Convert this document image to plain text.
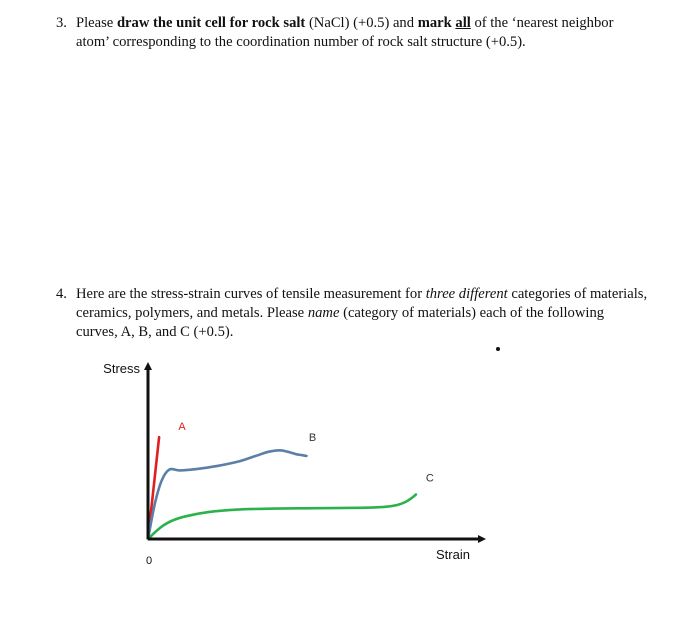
3. Please draw the unit cell for rock salt (NaCl) (+0.5) and mark all of the ‘nearest neighbor
atom’ corresponding to the coordination number of rock salt structure (+0.5).
4. Here are the stress-strain curves of tensile measurement for three different categories of materials,
ceramics, polymers, and metals. Please name (category of materials) each of the following
curves, A, B, and C (+0.5).
Stress
Strain
0
A
B
C
